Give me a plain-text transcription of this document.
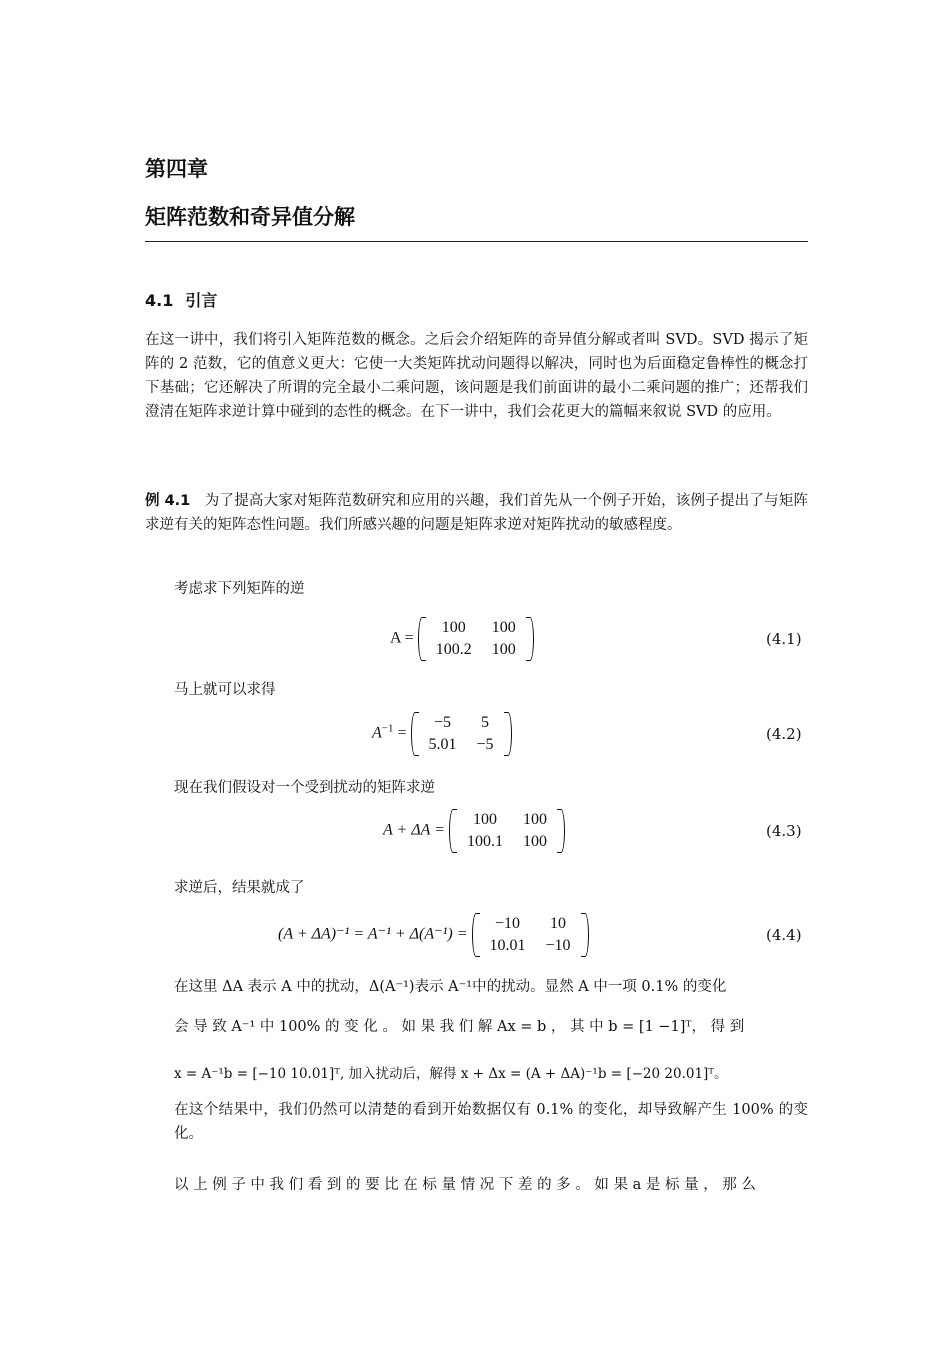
第四章
矩阵范数和奇异值分解
4.1 引言
在这一讲中，我们将引入矩阵范数的概念。之后会介绍矩阵的奇异值分解或者叫 SVD。SVD 揭示了矩阵的 2 范数，它的值意义更大：它使一大类矩阵扰动问题得以解决，同时也为后面稳定鲁棒性的概念打下基础；它还解决了所谓的完全最小二乘问题，该问题是我们前面讲的最小二乘问题的推广；还帮我们澄清在矩阵求逆计算中碰到的态性的概念。在下一讲中，我们会花更大的篇幅来叙说 SVD 的应用。
例 4.1 为了提高大家对矩阵范数研究和应用的兴趣，我们首先从一个例子开始，该例子提出了与矩阵求逆有关的矩阵态性问题。我们所感兴趣的问题是矩阵求逆对矩阵扰动的敏感程度。
考虑求下列矩阵的逆
A =
100	100
100.2	100
(4.1)
马上就可以求得
$A^{-1}$ =
−5	5
5.01	−5
(4.2)
现在我们假设对一个受到扰动的矩阵求逆
A + ΔA =
100	100
100.1	100
(4.3)
求逆后，结果就成了
(A + ΔA)⁻¹ = A⁻¹ + Δ(A⁻¹) =
−10	10
10.01	−10
(4.4)
在这里 ΔA 表示 A 中的扰动，Δ(A⁻¹)表示 A⁻¹中的扰动。显然 A 中一项 0.1% 的变化
会 导 致 A⁻¹ 中 100% 的 变 化 。 如 果 我 们 解 Ax = b ， 其 中 b = [1 −1]ᵀ， 得 到
x = A⁻¹b = [−10 10.01]ᵀ, 加入扰动后，解得 x + Δx = (A + ΔA)⁻¹b = [−20 20.01]ᵀ。
在这个结果中，我们仍然可以清楚的看到开始数据仅有 0.1% 的变化，却导致解产生 100% 的变化。
以 上 例 子 中 我 们 看 到 的 要 比 在 标 量 情 况 下 差 的 多 。 如 果 a 是 标 量 ， 那 么
